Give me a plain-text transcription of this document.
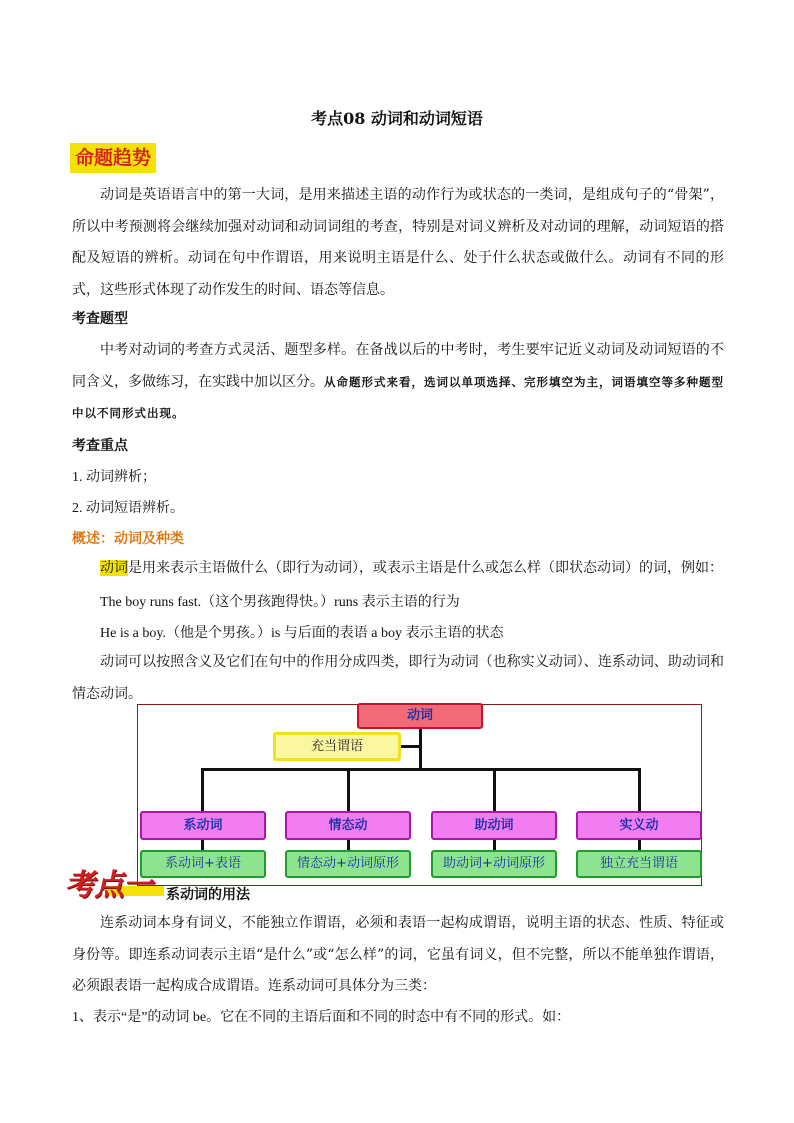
考点08 动词和动词短语
命题趋势
动词是英语语言中的第一大词，是用来描述主语的动作行为或状态的一类词，是组成句子的“骨架”，所以中考预测将会继续加强对动词和动词词组的考查，特别是对词义辨析及对动词的理解，动词短语的搭配及短语的辨析。动词在句中作谓语，用来说明主语是什么、处于什么状态或做什么。动词有不同的形式，这些形式体现了动作发生的时间、语态等信息。
考查题型
中考对动词的考查方式灵活、题型多样。在备战以后的中考时，考生要牢记近义动词及动词短语的不同含义，多做练习，在实践中加以区分。从命题形式来看，选词以单项选择、完形填空为主，词语填空等多种题型中以不同形式出现。
考查重点
1. 动词辨析；
2. 动词短语辨析。
概述：动词及种类
动词是用来表示主语做什么（即行为动词），或表示主语是什么或怎么样（即状态动词）的词，例如：
The boy runs fast.（这个男孩跑得快。）runs 表示主语的行为
He is a boy.（他是个男孩。）is 与后面的表语 a boy 表示主语的状态
动词可以按照含义及它们在句中的作用分成四类，即行为动词（也称实义动词）、连系动词、助动词和情态动词。
动词
充当谓语
系动词	情态动	助动词	实义动
系动词+表语	情态动+动词原形	助动词+动词原形	独立充当谓语
考点一 系动词的用法
连系动词本身有词义，不能独立作谓语，必须和表语一起构成谓语，说明主语的状态、性质、特征或身份等。即连系动词表示主语“是什么”或“怎么样”的词，它虽有词义，但不完整，所以不能单独作谓语，必须跟表语一起构成合成谓语。连系动词可具体分为三类：
1、表示“是”的动词 be。它在不同的主语后面和不同的时态中有不同的形式。如：
